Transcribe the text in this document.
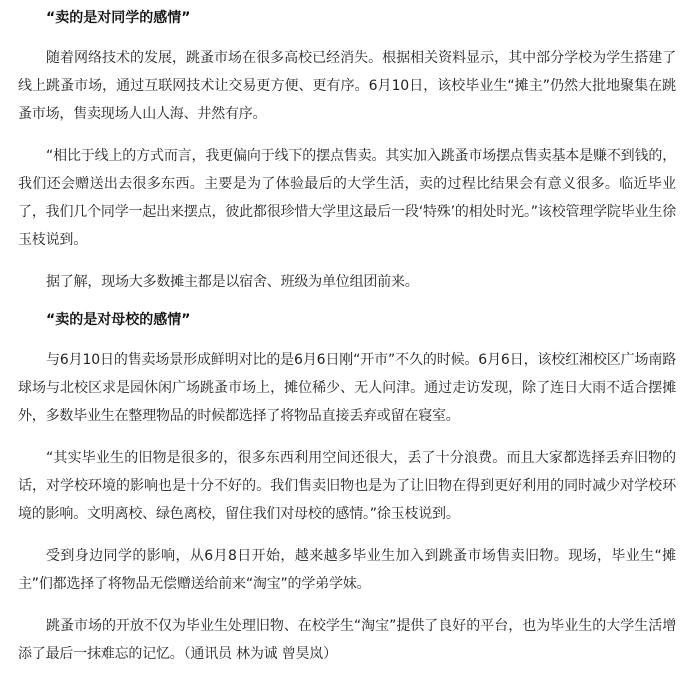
“卖的是对同学的感情”

随着网络技术的发展，跳蚤市场在很多高校已经消失。根据相关资料显示，其中部分学校为学生搭建了线上跳蚤市场，通过互联网技术让交易更方便、更有序。6月10日，该校毕业生“摊主”仍然大批地聚集在跳蚤市场，售卖现场人山人海、井然有序。

“相比于线上的方式而言，我更偏向于线下的摆点售卖。其实加入跳蚤市场摆点售卖基本是赚不到钱的，我们还会赠送出去很多东西。主要是为了体验最后的大学生活，卖的过程比结果会有意义很多。临近毕业了，我们几个同学一起出来摆点，彼此都很珍惜大学里这最后一段‘特殊’的相处时光。”该校管理学院毕业生徐玉枝说到。

据了解，现场大多数摊主都是以宿舍、班级为单位组团前来。

“卖的是对母校的感情”

与6月10日的售卖场景形成鲜明对比的是6月6日刚“开市”不久的时候。6月6日，该校红湘校区广场南路球场与北校区求是园休闲广场跳蚤市场上，摊位稀少、无人问津。通过走访发现，除了连日大雨不适合摆摊外，多数毕业生在整理物品的时候都选择了将物品直接丢弃或留在寝室。

“其实毕业生的旧物是很多的，很多东西利用空间还很大，丢了十分浪费。而且大家都选择丢弃旧物的话，对学校环境的影响也是十分不好的。我们售卖旧物也是为了让旧物在得到更好利用的同时减少对学校环境的影响。文明离校、绿色离校，留住我们对母校的感情。”徐玉枝说到。

受到身边同学的影响，从6月8日开始，越来越多毕业生加入到跳蚤市场售卖旧物。现场，毕业生“摊主”们都选择了将物品无偿赠送给前来“淘宝”的学弟学妹。

跳蚤市场的开放不仅为毕业生处理旧物、在校学生“淘宝”提供了良好的平台，也为毕业生的大学生活增添了最后一抹难忘的记忆。（通讯员 林为诚 曾昊岚）
